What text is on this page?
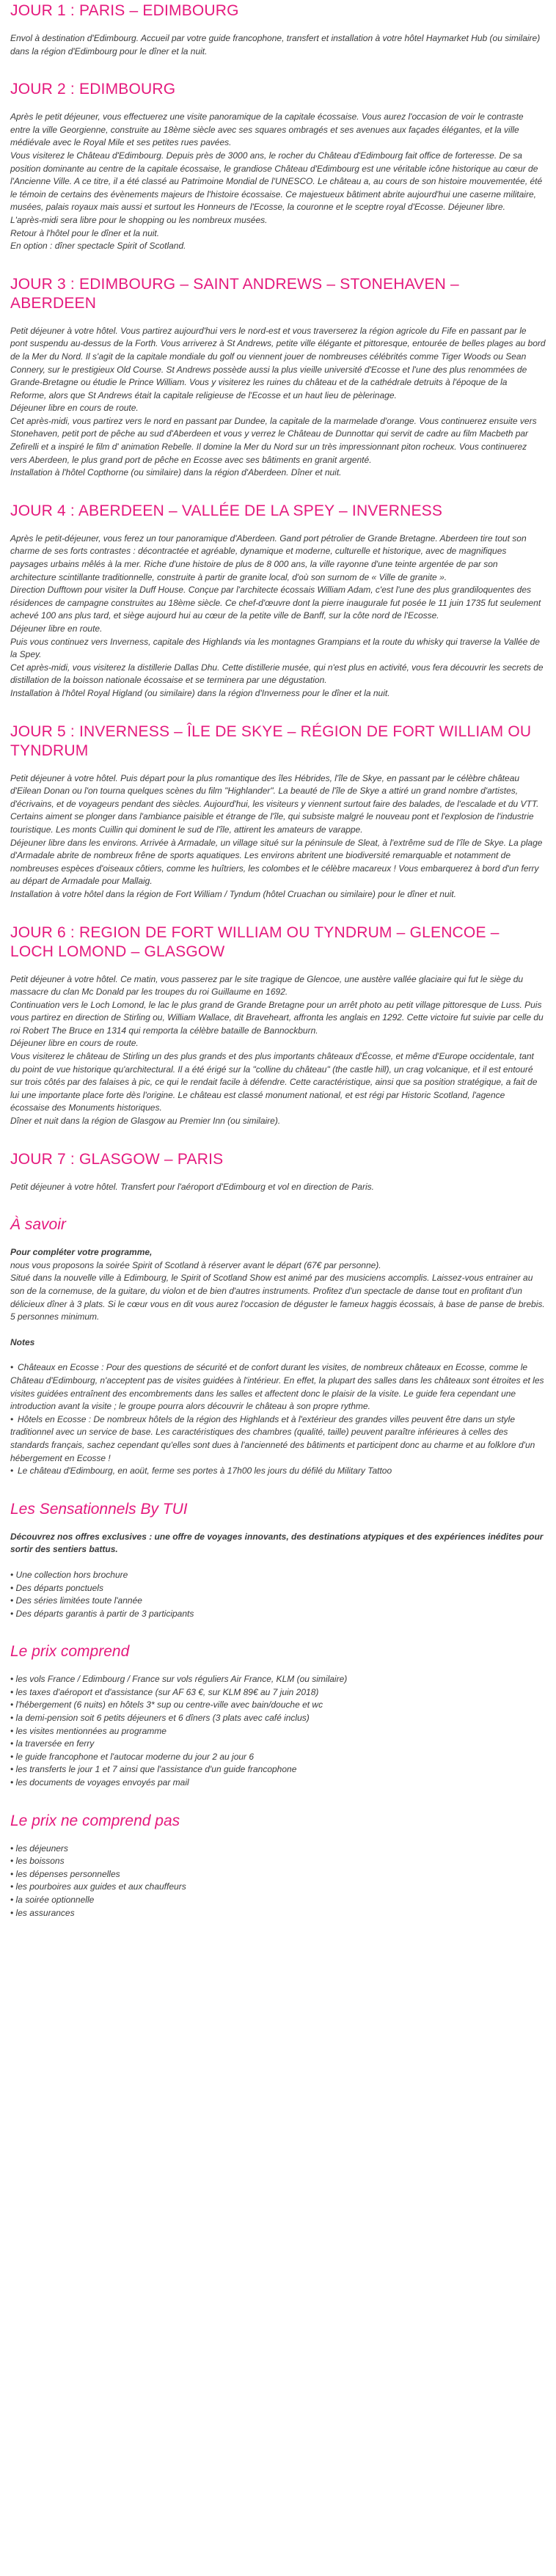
JOUR 1 : PARIS – EDIMBOURG

Envol à destination d'Edimbourg. Accueil par votre guide francophone, transfert et installation à votre hôtel Haymarket Hub (ou similaire) dans la région d'Edimbourg pour le dîner et la nuit.

JOUR 2 : EDIMBOURG

Après le petit déjeuner, vous effectuerez une visite panoramique de la capitale écossaise. Vous aurez l'occasion de voir le contraste entre la ville Georgienne, construite au 18ème siècle avec ses squares ombragés et ses avenues aux façades élégantes, et la ville médiévale avec le Royal Mile et ses petites rues pavées.

Vous visiterez le Château d'Edimbourg. Depuis près de 3000 ans, le rocher du Château d'Edimbourg fait office de forteresse. De sa position dominante au centre de la capitale écossaise, le grandiose Château d'Edimbourg est une véritable icône historique au cœur de l'Ancienne Ville. A ce titre, il a été classé au Patrimoine Mondial de l'UNESCO. Le château a, au cours de son histoire mouvementée, été le témoin de certains des évènements majeurs de l'histoire écossaise. Ce majestueux bâtiment abrite aujourd'hui une caserne militaire, musées, palais royaux mais aussi et surtout les Honneurs de l'Ecosse, la couronne et le sceptre royal d'Ecosse. Déjeuner libre.

L'après-midi sera libre pour le shopping ou les nombreux musées.

Retour à l'hôtel pour le dîner et la nuit.

En option : dîner spectacle Spirit of Scotland.

JOUR 3 : EDIMBOURG – SAINT ANDREWS – STONEHAVEN – ABERDEEN

Petit déjeuner à votre hôtel. Vous partirez aujourd'hui vers le nord-est et vous traverserez la région agricole du Fife en passant par le pont suspendu au-dessus de la Forth. Vous arriverez à St Andrews, petite ville élégante et pittoresque, entourée de belles plages au bord de la Mer du Nord. Il s'agit de la capitale mondiale du golf ou viennent jouer de nombreuses célébrités comme Tiger Woods ou Sean Connery, sur le prestigieux Old Course. St Andrews possède aussi la plus vieille université d'Ecosse et l'une des plus renommées de Grande-Bretagne ou étudie le Prince William. Vous y visiterez les ruines du château et de la cathédrale detruits à l'époque de la Reforme, alors que St Andrews était la capitale religieuse de l'Ecosse et un haut lieu de pèlerinage.

Déjeuner libre en cours de route.

Cet après-midi, vous partirez vers le nord en passant par Dundee, la capitale de la marmelade d'orange. Vous continuerez ensuite vers Stonehaven, petit port de pêche au sud d'Aberdeen et vous y verrez le Château de Dunnottar qui servit de cadre au film Macbeth par Zefirelli et a inspiré le film d' animation Rebelle. Il domine la Mer du Nord sur un très impressionnant piton rocheux. Vous continuerez vers Aberdeen, le plus grand port de pêche en Ecosse avec ses bâtiments en granit argenté.

Installation à l'hôtel Copthorne (ou similaire) dans la région d'Aberdeen. Dîner et nuit.

JOUR 4 : ABERDEEN – VALLÉE DE LA SPEY – INVERNESS

Après le petit-déjeuner, vous ferez un tour panoramique d'Aberdeen. Gand port pétrolier de Grande Bretagne. Aberdeen tire tout son charme de ses forts contrastes : décontractée et agréable, dynamique et moderne, culturelle et historique, avec de magnifiques paysages urbains mêlés à la mer. Riche d'une histoire de plus de 8 000 ans, la ville rayonne d'une teinte argentée de par son architecture scintillante traditionnelle, construite à partir de granite local, d'où son surnom de « Ville de granite ».

Direction Dufftown pour visiter la Duff House. Conçue par l'architecte écossais William Adam, c'est l'une des plus grandiloquentes des résidences de campagne construites au 18ème siècle. Ce chef-d'œuvre dont la pierre inaugurale fut posée le 11 juin 1735 fut seulement achevé 100 ans plus tard, et siège aujourd hui au cœur de la petite ville de Banff, sur la côte nord de l'Ecosse.

Déjeuner libre en route.

Puis vous continuez vers Inverness, capitale des Highlands via les montagnes Grampians et la route du whisky qui traverse la Vallée de la Spey.

Cet après-midi, vous visiterez la distillerie Dallas Dhu. Cette distillerie musée, qui n'est plus en activité, vous fera découvrir les secrets de distillation de la boisson nationale écossaise et se terminera par une dégustation.

Installation à l'hôtel Royal Higland (ou similaire) dans la région d'Inverness pour le dîner et la nuit.

JOUR 5 : INVERNESS – ÎLE DE SKYE – RÉGION DE FORT WILLIAM OU TYNDRUM

Petit déjeuner à votre hôtel. Puis départ pour la plus romantique des îles Hébrides, l'île de Skye, en passant par le célèbre château d'Eilean Donan ou l'on tourna quelques scènes du film "Highlander". La beauté de l'île de Skye a attiré un grand nombre d'artistes, d'écrivains, et de voyageurs pendant des siècles. Aujourd'hui, les visiteurs y viennent surtout faire des balades, de l'escalade et du VTT. Certains aiment se plonger dans l'ambiance paisible et étrange de l'île, qui subsiste malgré le nouveau pont et l'explosion de l'industrie touristique. Les monts Cuillin qui dominent le sud de l'île, attirent les amateurs de varappe.

Déjeuner libre dans les environs. Arrivée à Armadale, un village situé sur la péninsule de Sleat, à l'extrême sud de l'île de Skye. La plage d'Armadale abrite de nombreux frêne de sports aquatiques. Les environs abritent une biodiversité remarquable et notamment de nombreuses espèces d'oiseaux côtiers, comme les huîtriers, les colombes et le célèbre macareux ! Vous embarquerez à bord d'un ferry au départ de Armadale pour Mallaig.

Installation à votre hôtel dans la région de Fort William / Tyndum (hôtel Cruachan ou similaire) pour le dîner et nuit.

JOUR 6 : REGION DE FORT WILLIAM OU TYNDRUM – GLENCOE – LOCH LOMOND – GLASGOW

Petit déjeuner à votre hôtel. Ce matin, vous passerez par le site tragique de Glencoe, une austère vallée glaciaire qui fut le siège du massacre du clan Mc Donald par les troupes du roi Guillaume en 1692.

Continuation vers le Loch Lomond, le lac le plus grand de Grande Bretagne pour un arrêt photo au petit village pittoresque de Luss. Puis vous partirez en direction de Stirling ou, William Wallace, dit Braveheart, affronta les anglais en 1292. Cette victoire fut suivie par celle du roi Robert The Bruce en 1314 qui remporta la célèbre bataille de Bannockburn.

Déjeuner libre en cours de route.

Vous visiterez le château de Stirling un des plus grands et des plus importants châteaux d'Écosse, et même d'Europe occidentale, tant du point de vue historique qu'architectural. Il a été érigé sur la "colline du château" (the castle hill), un crag volcanique, et il est entouré sur trois côtés par des falaises à pic, ce qui le rendait facile à défendre. Cette caractéristique, ainsi que sa position stratégique, a fait de lui une importante place forte dès l'origine. Le château est classé monument national, et est régi par Historic Scotland, l'agence écossaise des Monuments historiques.

Dîner et nuit dans la région de Glasgow au Premier Inn (ou similaire).

JOUR 7 : GLASGOW – PARIS

Petit déjeuner à votre hôtel. Transfert pour l'aéroport d'Edimbourg et vol en direction de Paris.

À savoir

Pour compléter votre programme,

nous vous proposons la soirée Spirit of Scotland à réserver avant le départ (67€ par personne).

Situé dans la nouvelle ville à Edimbourg, le Spirit of Scotland Show est animé par des musiciens accomplis. Laissez-vous entrainer au son de la cornemuse, de la guitare, du violon et de bien d'autres instruments. Profitez d'un spectacle de danse tout en profitant d'un délicieux dîner à 3 plats. Si le cœur vous en dit vous aurez l'occasion de déguster le fameux haggis écossais, à base de panse de brebis.

5 personnes minimum.

Notes

• Châteaux en Ecosse : Pour des questions de sécurité et de confort durant les visites, de nombreux châteaux en Ecosse, comme le Château d'Edimbourg, n'acceptent pas de visites guidées à l'intérieur. En effet, la plupart des salles dans les châteaux sont étroites et les visites guidées entraînent des encombrements dans les salles et affectent donc le plaisir de la visite. Le guide fera cependant une introduction avant la visite ; le groupe pourra alors découvrir le château à son propre rythme.

• Hôtels en Ecosse : De nombreux hôtels de la région des Highlands et à l'extérieur des grandes villes peuvent être dans un style traditionnel avec un service de base. Les caractéristiques des chambres (qualité, taille) peuvent paraître inférieures à celles des standards français, sachez cependant qu'elles sont dues à l'ancienneté des bâtiments et participent donc au charme et au folklore d'un hébergement en Ecosse !

• Le château d'Edimbourg, en aoüt, ferme ses portes à 17h00 les jours du défilé du Military Tattoo

Les Sensationnels By TUI

Découvrez nos offres exclusives : une offre de voyages innovants, des destinations atypiques et des expériences inédites pour sortir des sentiers battus.

• Une collection hors brochure

• Des départs ponctuels

• Des séries limitées toute l'année

• Des départs garantis à partir de 3 participants

Le prix comprend

• les vols France / Edimbourg / France sur vols réguliers Air France, KLM (ou similaire)

• les taxes d'aéroport et d'assistance (sur AF 63 €, sur KLM 89€ au 7 juin 2018)

• l'hébergement (6 nuits) en hôtels 3* sup ou centre-ville avec bain/douche et wc

• la demi-pension soit 6 petits déjeuners et 6 dîners (3 plats avec café inclus)

• les visites mentionnées au programme

• la traversée en ferry

• le guide francophone et l'autocar moderne du jour 2 au jour 6

• les transferts le jour 1 et 7 ainsi que l'assistance d'un guide francophone

• les documents de voyages envoyés par mail

Le prix ne comprend pas

• les déjeuners

• les boissons

• les dépenses personnelles

• les pourboires aux guides et aux chauffeurs

• la soirée optionnelle

• les assurances
